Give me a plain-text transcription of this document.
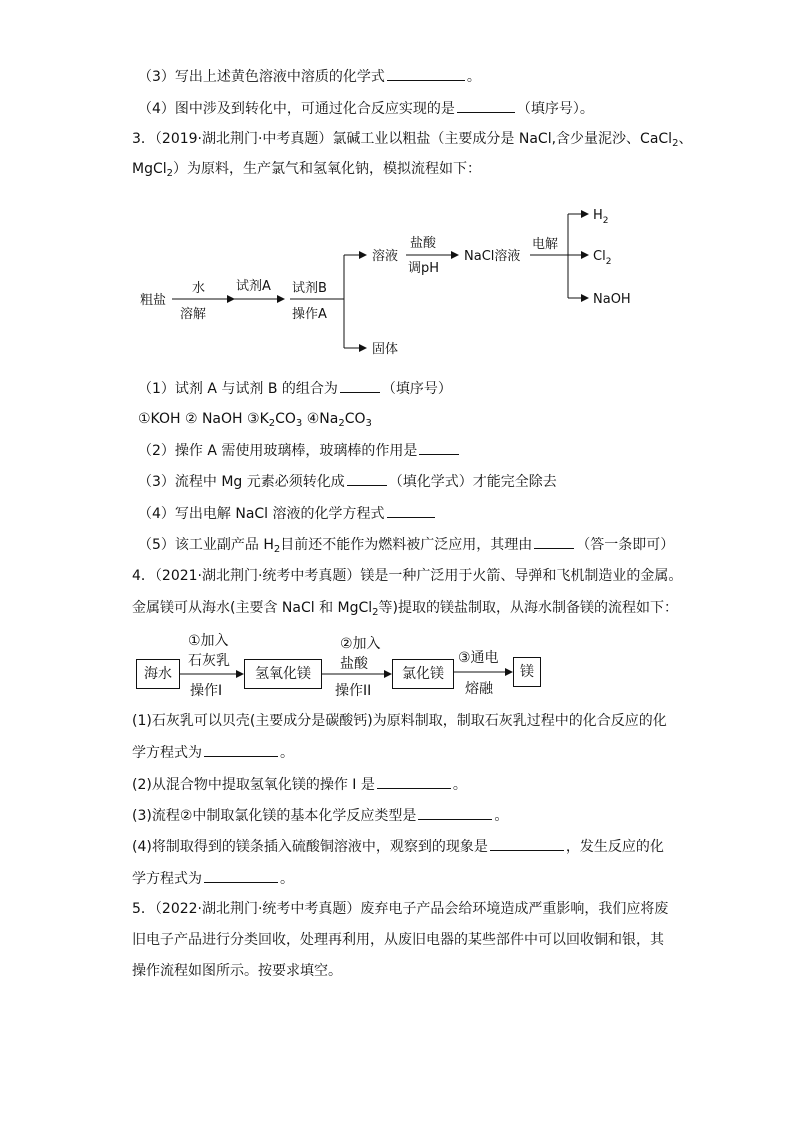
（3）写出上述黄色溶液中溶质的化学式	。
（4）图中涉及到转化中，可通过化合反应实现的是	（填序号）。
3．（2019·湖北荆门·中考真题）氯碱工业以粗盐（主要成分是 NaCl,含少量泥沙、CaCl$_2$、
MgCl$_2$）为原料，生产氯气和氢氧化钠，模拟流程如下：
粗盐
水
溶解
试剂A 试剂B
操作A
溶液
固体
盐酸
调pH
NaCl溶液
电解
$H_2$
$Cl_2$
NaOH
（1）试剂 A 与试剂 B 的组合为	（填序号）
①KOH ② NaOH $③K_2CO_3$ $④Na_2CO_3$
（2）操作 A 需使用玻璃棒，玻璃棒的作用是
（3）流程中 Mg 元素必须转化成	（填化学式）才能完全除去
（4）写出电解 NaCl 溶液的化学方程式
（5）该工业副产品 $H_2$目前还不能作为燃料被广泛应用，其理由	（答一条即可）
4．（2021·湖北荆门·统考中考真题）镁是一种广泛用于火箭、导弹和飞机制造业的金属。
金属镁可从海水(主要含 NaCl 和 MgCl$_2$等)提取的镁盐制取，从海水制备镁的流程如下：
海水
①加入
石灰乳
操作I
氢氧化镁
②加入
盐酸
操作II
氯化镁
③通电
熔融
镁
(1)石灰乳可以贝壳(主要成分是碳酸钙)为原料制取，制取石灰乳过程中的化合反应的化
学方程式为	。
(2)从混合物中提取氢氧化镁的操作 I 是	。
(3)流程②中制取氯化镁的基本化学反应类型是	。
(4)将制取得到的镁条插入硫酸铜溶液中，观察到的现象是	，发生反应的化
学方程式为	。
5．（2022·湖北荆门·统考中考真题）废弃电子产品会给环境造成严重影响，我们应将废
旧电子产品进行分类回收，处理再利用，从废旧电器的某些部件中可以回收铜和银，其
操作流程如图所示。按要求填空。
